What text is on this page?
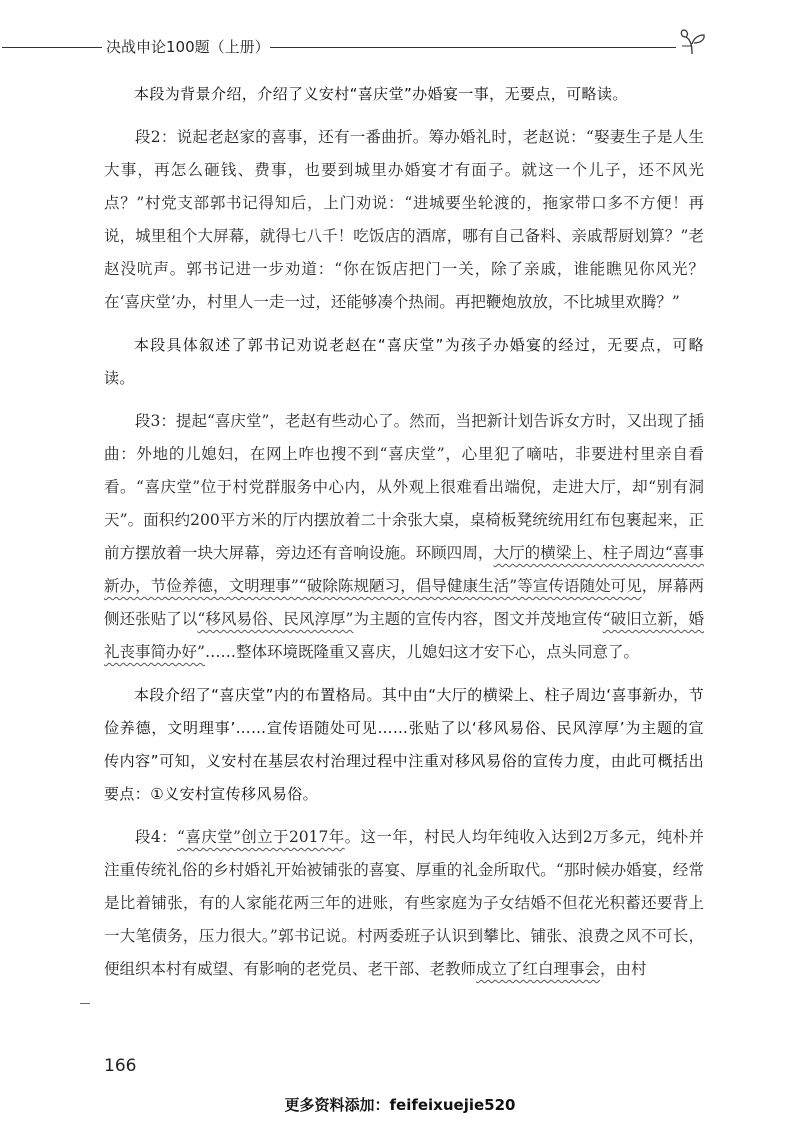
决战申论100题（上册）

本段为背景介绍，介绍了义安村“喜庆堂”办婚宴一事，无要点，可略读。

段2：说起老赵家的喜事，还有一番曲折。筹办婚礼时，老赵说：“娶妻生子是人生大事，再怎么砸钱、费事，也要到城里办婚宴才有面子。就这一个儿子，还不风光点？”村党支部郭书记得知后，上门劝说：“进城要坐轮渡的，拖家带口多不方便！再说，城里租个大屏幕，就得七八千！吃饭店的酒席，哪有自己备料、亲戚帮厨划算？”老赵没吭声。郭书记进一步劝道：“你在饭店把门一关，除了亲戚，谁能瞧见你风光？在‘喜庆堂’办，村里人一走一过，还能够凑个热闹。再把鞭炮放放，不比城里欢腾？”

本段具体叙述了郭书记劝说老赵在“喜庆堂”为孩子办婚宴的经过，无要点，可略读。

段3：提起“喜庆堂”，老赵有些动心了。然而，当把新计划告诉女方时，又出现了插曲：外地的儿媳妇，在网上咋也搜不到“喜庆堂”，心里犯了嘀咕，非要进村里亲自看看。“喜庆堂”位于村党群服务中心内，从外观上很难看出端倪，走进大厅，却“别有洞天”。面积约200平方米的厅内摆放着二十余张大桌，桌椅板凳统统用红布包裹起来，正前方摆放着一块大屏幕，旁边还有音响设施。环顾四周，大厅的横梁上、柱子周边“喜事新办，节俭养德，文明理事”“破除陈规陋习，倡导健康生活”等宣传语随处可见，屏幕两侧还张贴了以“移风易俗、民风淳厚”为主题的宣传内容，图文并茂地宣传“破旧立新，婚礼丧事简办好”……整体环境既隆重又喜庆，儿媳妇这才安下心，点头同意了。

本段介绍了“喜庆堂”内的布置格局。其中由“大厅的横梁上、柱子周边‘喜事新办，节俭养德，文明理事’……宣传语随处可见……张贴了以‘移风易俗、民风淳厚’为主题的宣传内容”可知，义安村在基层农村治理过程中注重对移风易俗的宣传力度，由此可概括出要点：①义安村宣传移风易俗。

段4：“喜庆堂”创立于2017年。这一年，村民人均年纯收入达到2万多元，纯朴并注重传统礼俗的乡村婚礼开始被铺张的喜宴、厚重的礼金所取代。“那时候办婚宴，经常是比着铺张，有的人家能花两三年的进账，有些家庭为子女结婚不但花光积蓄还要背上一大笔债务，压力很大。”郭书记说。村两委班子认识到攀比、铺张、浪费之风不可长，便组织本村有威望、有影响的老党员、老干部、老教师成立了红白理事会，由村

166
更多资料添加：feifeixuejie520
